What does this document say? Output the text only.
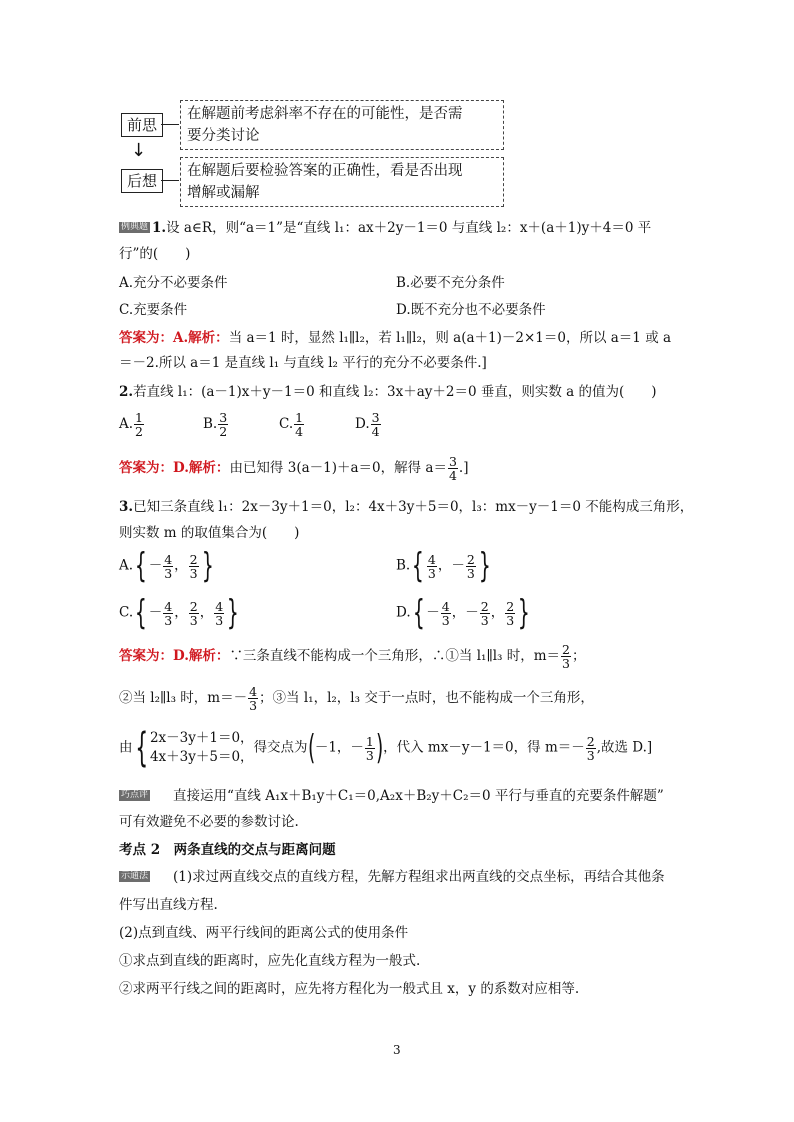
前思
在解题前考虑斜率不存在的可能性，是否需
要分类讨论
↓
后想
在解题后要检验答案的正确性，看是否出现
增解或漏解
例典题 1.设 a∈R，则“a＝1”是“直线 l₁：ax＋2y－1＝0 与直线 l₂：x＋(a＋1)y＋4＝0 平
行”的(　　)
A.充分不必要条件	B.必要不充分条件
C.充要条件	D.既不充分也不必要条件
答案为：A.解析：当 a＝1 时，显然 l₁∥l₂，若 l₁∥l₂，则 a(a＋1)－2×1＝0，所以 a＝1 或 a
＝－2.所以 a＝1 是直线 l₁ 与直线 l₂ 平行的充分不必要条件.]
2.若直线 l₁：(a－1)x＋y－1＝0 和直线 l₂：3x＋ay＋2＝0 垂直，则实数 a 的值为(　　)
A. $\frac{1}{2}$	B. $\frac{3}{2}$	C. $\frac{1}{4}$	D. $\frac{3}{4}$
答案为：D.解析：由已知得 3(a－1)＋a＝0，解得 $a= \frac{3}{4}$ .]
3.已知三条直线 l₁：2x－3y＋1＝0，l₂：4x＋3y＋5＝0，l₃：mx－y－1＝0 不能构成三角形，
则实数 m 的取值集合为(　　)
$A.\{ - \frac{4}{3}$ ， $\frac{2}{3}$ }	$B.\{ \frac{4}{3}$ ，－ $\frac{2}{3}$ }
$C.\{ - \frac{4}{3}$ ， $\frac{2}{3}$ ， $\frac{4}{3}$ }	$D.\{ - \frac{4}{3}$ ，－ $\frac{2}{3}$ ， $\frac{2}{3}$ }
答案为：D.解析：∵三条直线不能构成一个三角形，∴①当 l₁∥l₃ 时，$m= \frac{2}{3}$ ；
②当 l₂∥l₃ 时，$m=- \frac{4}{3}$ ；③当 l₁，l₂，l₃ 交于一点时，也不能构成一个三角形，
由{ 2x－3y＋1＝0，
4x＋3y＋5＝0，
得交点为(－1，－ $\frac{1}{3}$ )，代入 mx－y－1＝0，得 $m=- \frac{2}{3}$ ,故选 D.]
巧点评 直接运用“直线 A₁x＋B₁y＋C₁＝0,A₂x＋B₂y＋C₂＝0 平行与垂直的充要条件解题”
可有效避免不必要的参数讨论.
考点 2　两条直线的交点与距离问题
示通法 (1)求过两直线交点的直线方程，先解方程组求出两直线的交点坐标，再结合其他条
件写出直线方程.
(2)点到直线、两平行线间的距离公式的使用条件
①求点到直线的距离时，应先化直线方程为一般式.
②求两平行线之间的距离时，应先将方程化为一般式且 x，y 的系数对应相等.
3
